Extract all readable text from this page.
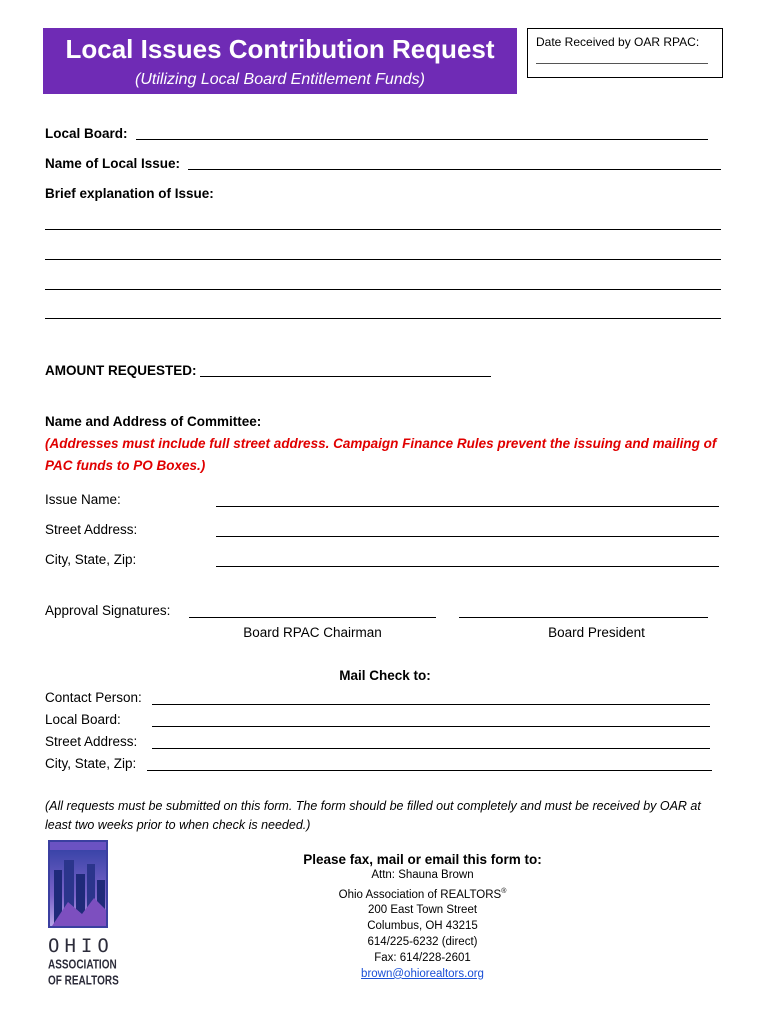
Local Issues Contribution Request
(Utilizing Local Board Entitlement Funds)
Date Received by OAR RPAC:
Local Board:
Name of Local Issue:
Brief explanation of Issue:
AMOUNT REQUESTED:
Name and Address of Committee:
(Addresses must include full street address. Campaign Finance Rules prevent the issuing and mailing of PAC funds to PO Boxes.)
Issue Name:
Street Address:
City, State, Zip:
Approval Signatures:
Board RPAC Chairman	Board President
Mail Check to:
Contact Person:
Local Board:
Street Address:
City, State, Zip:
(All requests must be submitted on this form. The form should be filled out completely and must be received by OAR at least two weeks prior to when check is needed.)
OHIO
ASSOCIATION
OF REALTORS
Please fax, mail or email this form to:
Attn: Shauna Brown
Ohio Association of REALTORS®
200 East Town Street
Columbus, OH 43215
614/225-6232 (direct)
Fax: 614/228-2601
brown@ohiorealtors.org
